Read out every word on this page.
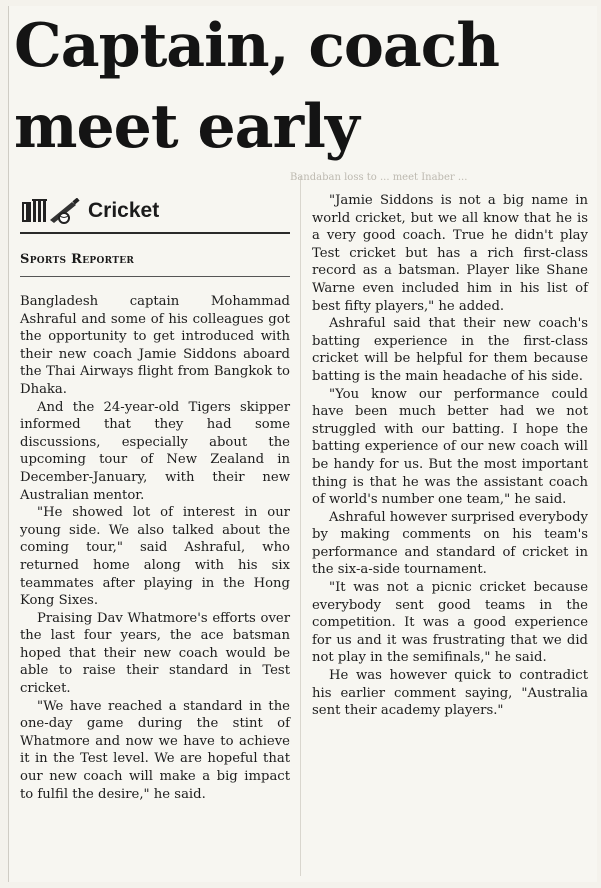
Captain, coach meet early
Cricket
Sports Reporter

Bangladesh captain Mohammad Ashraful and some of his colleagues got the opportunity to get introduced with their new coach Jamie Siddons aboard the Thai Airways flight from Bangkok to Dhaka.

And the 24-year-old Tigers skipper informed that they had some discussions, especially about the upcoming tour of New Zealand in December-January, with their new Australian mentor.

"He showed lot of interest in our young side. We also talked about the coming tour," said Ashraful, who returned home along with his six teammates after playing in the Hong Kong Sixes.

Praising Dav Whatmore's efforts over the last four years, the ace batsman hoped that their new coach would be able to raise their standard in Test cricket.

"We have reached a standard in the one-day game during the stint of Whatmore and now we have to achieve it in the Test level. We are hopeful that our new coach will make a big impact to fulfil the desire," he said.

"Jamie Siddons is not a big name in world cricket, but we all know that he is a very good coach. True he didn't play Test cricket but has a rich first-class record as a batsman. Player like Shane Warne even included him in his list of best fifty players," he added.

Ashraful said that their new coach's batting experience in the first-class cricket will be helpful for them because batting is the main headache of his side.

"You know our performance could have been much better had we not struggled with our batting. I hope the batting experience of our new coach will be handy for us. But the most important thing is that he was the assistant coach of world's number one team," he said.

Ashraful however surprised everybody by making comments on his team's performance and standard of cricket in the six-a-side tournament.

"It was not a picnic cricket because everybody sent good teams in the competition. It was a good experience for us and it was frustrating that we did not play in the semifinals," he said.

He was however quick to contradict his earlier comment saying, "Australia sent their academy players."

Bandaban loss to ... meet Inaber ...
